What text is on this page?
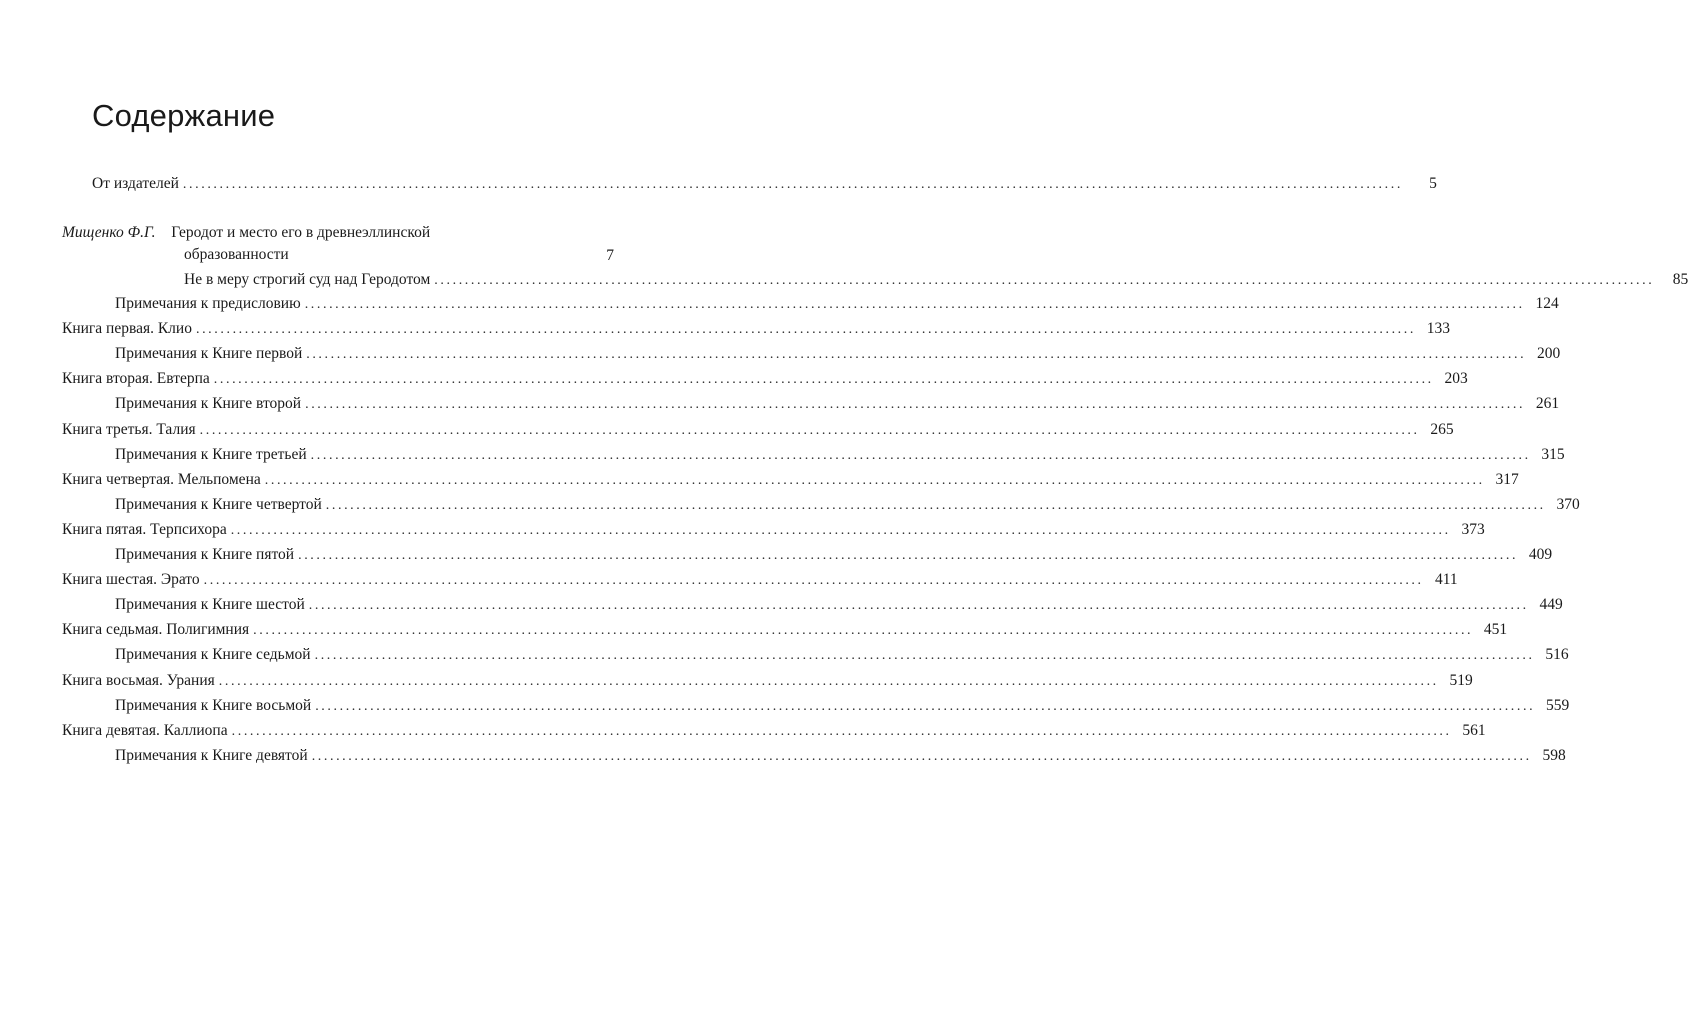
Содержание
От издателей ........................................................................................................................................................................................................	5
Мищенко Ф.Г. Геродот и место его в древнеэллинской
образованности	7
Не в меру строгий суд над Геродотом ........................................................................................................................................................................................................	85
Примечания к предисловию ........................................................................................................................................................................................................ 124
Книга первая. Клио ........................................................................................................................................................................................................ 133
Примечания к Книге первой ........................................................................................................................................................................................................ 200
Книга вторая. Евтерпа ........................................................................................................................................................................................................ 203
Примечания к Книге второй ........................................................................................................................................................................................................ 261
Книга третья. Талия ........................................................................................................................................................................................................ 265
Примечания к Книге третьей ........................................................................................................................................................................................................ 315
Книга четвертая. Мельпомена ........................................................................................................................................................................................................ 317
Примечания к Книге четвертой ........................................................................................................................................................................................................ 370
Книга пятая. Терпсихора ........................................................................................................................................................................................................ 373
Примечания к Книге пятой ........................................................................................................................................................................................................ 409
Книга шестая. Эрато ........................................................................................................................................................................................................ 411
Примечания к Книге шестой ........................................................................................................................................................................................................ 449
Книга седьмая. Полигимния ........................................................................................................................................................................................................ 451
Примечания к Книге седьмой ........................................................................................................................................................................................................ 516
Книга восьмая. Урания ........................................................................................................................................................................................................ 519
Примечания к Книге восьмой ........................................................................................................................................................................................................ 559
Книга девятая. Каллиопа ........................................................................................................................................................................................................ 561
Примечания к Книге девятой ........................................................................................................................................................................................................ 598
